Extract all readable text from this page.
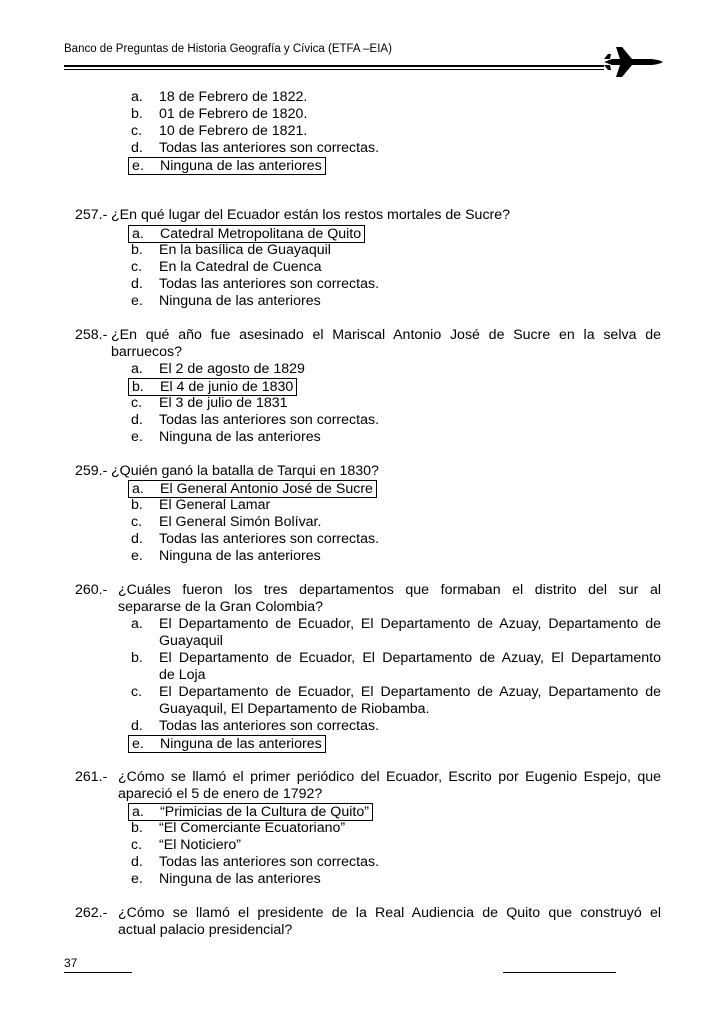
Banco de Preguntas de Historia Geografía y Cívica (ETFA –EIA)
a. 18 de Febrero de 1822.
b. 01 de Febrero de 1820.
c. 10 de Febrero de 1821.
d. Todas las anteriores son correctas.
e. Ninguna de las anteriores
257.- ¿En qué lugar del Ecuador están los restos mortales de Sucre?
a. Catedral Metropolitana de Quito
b. En la basílica de Guayaquil
c. En la Catedral de Cuenca
d. Todas las anteriores son correctas.
e. Ninguna de las anteriores
258.- ¿En qué año fue asesinado el Mariscal Antonio José de Sucre en la selva de
barruecos?
a. El 2 de agosto de 1829
b. El 4 de junio de 1830
c. El 3 de julio de 1831
d. Todas las anteriores son correctas.
e. Ninguna de las anteriores
259.- ¿Quién ganó la batalla de Tarqui en 1830?
a. El General Antonio José de Sucre
b. El General Lamar
c. El General Simón Bolívar.
d. Todas las anteriores son correctas.
e. Ninguna de las anteriores
260.- ¿Cuáles fueron los tres departamentos que formaban el distrito del sur al
separarse de la Gran Colombia?
a. El Departamento de Ecuador, El Departamento de Azuay, Departamento de
Guayaquil
b. El Departamento de Ecuador, El Departamento de Azuay, El Departamento
de Loja
c. El Departamento de Ecuador, El Departamento de Azuay, Departamento de
Guayaquil, El Departamento de Riobamba.
d. Todas las anteriores son correctas.
e. Ninguna de las anteriores
261.- ¿Cómo se llamó el primer periódico del Ecuador, Escrito por Eugenio Espejo, que
apareció el 5 de enero de 1792?
a. “Primicias de la Cultura de Quito”
b. “El Comerciante Ecuatoriano”
c. “El Noticiero”
d. Todas las anteriores son correctas.
e. Ninguna de las anteriores
262.- ¿Cómo se llamó el presidente de la Real Audiencia de Quito que construyó el
actual palacio presidencial?
37
